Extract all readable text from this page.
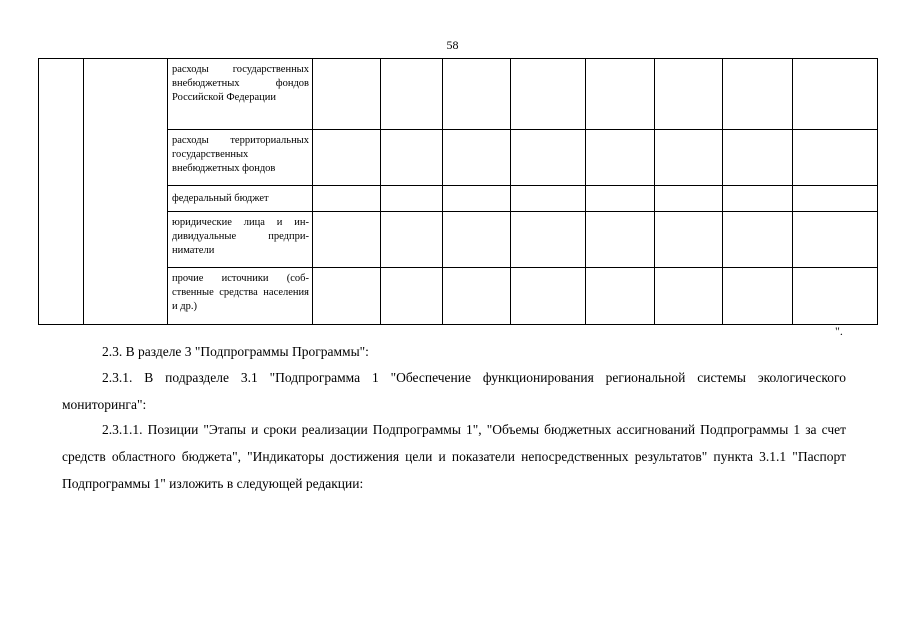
58
		расходы государственных внебюджетных фондов Российской Федерации								
		расходы территориальных государственных внебюджетных фондов								
		федеральный бюджет								
		юридические лица и индивидуальные предприниматели								
		прочие источники (собственные средства населения и др.)								
".

2.3. В разделе 3 "Подпрограммы Программы":

2.3.1. В подразделе 3.1 "Подпрограмма 1 "Обеспечение функционирования региональной системы экологического мониторинга":

2.3.1.1. Позиции "Этапы и сроки реализации Подпрограммы 1", "Объемы бюджетных ассигнований Подпрограммы 1 за счет средств областного бюджета", "Индикаторы достижения цели и показатели непосредственных результатов" пункта 3.1.1 "Паспорт Подпрограммы 1" изложить в следующей редакции:
